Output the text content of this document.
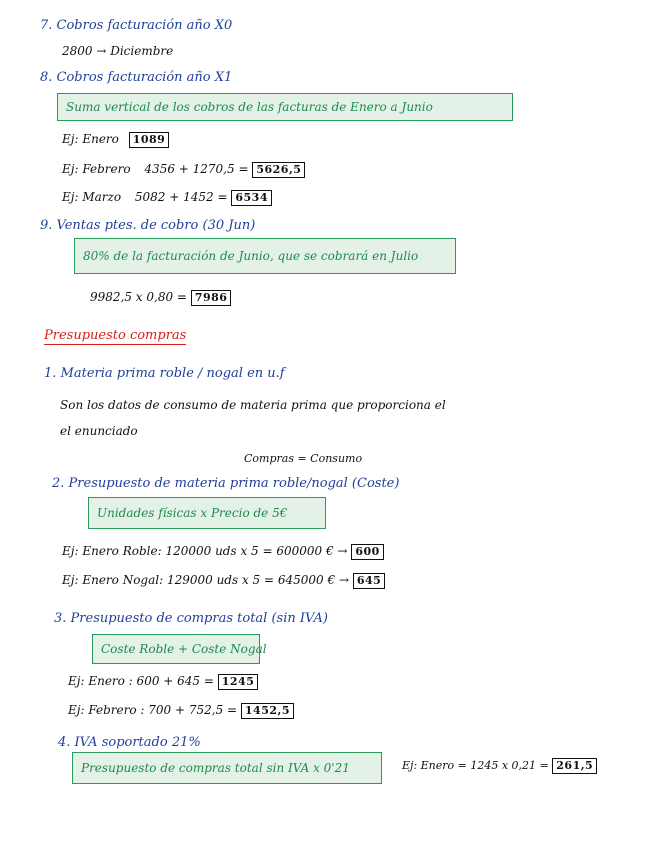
7. Cobros facturación año X0
2800 → Diciembre
8. Cobros facturación año X1
Suma vertical de los cobros de las facturas de Enero a Junio
Ej: Enero 1089
Ej: Febrero 4356 + 1270,5 = 5626,5
Ej: Marzo 5082 + 1452 = 6534
9. Ventas ptes. de cobro (30 Jun)
80% de la facturación de Junio, que se cobrará en Julio
9982,5 x 0,80 = 7986
Presupuesto compras
1. Materia prima roble / nogal en u.f
Son los datos de consumo de materia prima que proporciona el
el enunciado
Compras = Consumo
2. Presupuesto de materia prima roble/nogal (Coste)
Unidades físicas x Precio de 5€
Ej: Enero Roble: 120000 uds x 5 = 600000 € → 600
Ej: Enero Nogal: 129000 uds x 5 = 645000 € → 645
3. Presupuesto de compras total (sin IVA)
Coste Roble + Coste Nogal
Ej: Enero : 600 + 645 = 1245
Ej: Febrero : 700 + 752,5 = 1452,5
4. IVA soportado 21%
Presupuesto de compras total sin IVA x 0'21	Ej: Enero = 1245 x 0,21 = 261,5
